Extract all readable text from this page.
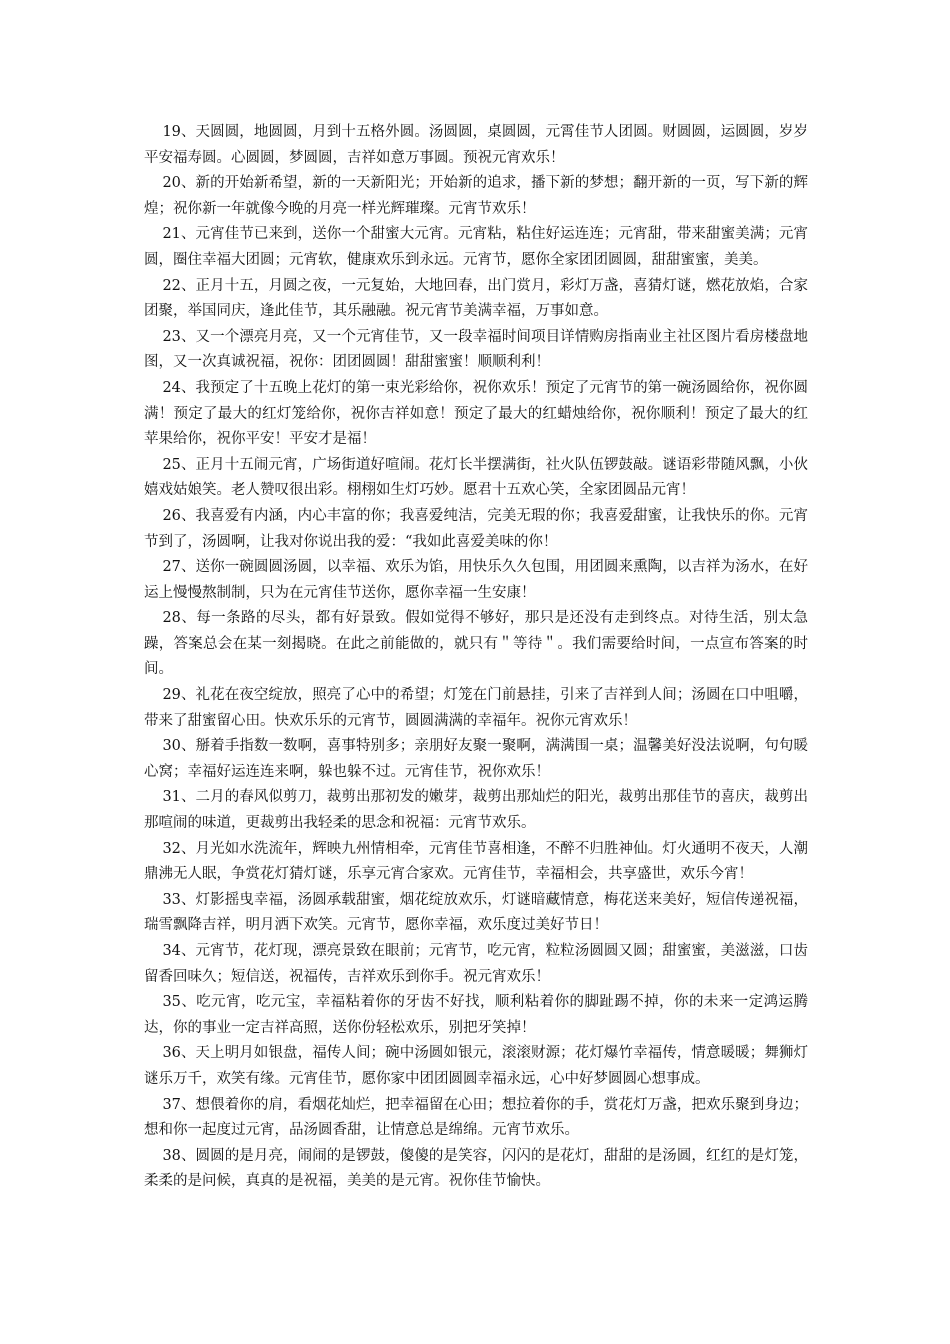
19、天圆圆，地圆圆，月到十五格外圆。汤圆圆，桌圆圆，元霄佳节人团圆。财圆圆，运圆圆，岁岁平安福寿圆。心圆圆，梦圆圆，吉祥如意万事圆。预祝元宵欢乐！

20、新的开始新希望，新的一天新阳光；开始新的追求，播下新的梦想；翻开新的一页，写下新的辉煌；祝你新一年就像今晚的月亮一样光辉璀璨。元宵节欢乐！

21、元宵佳节已来到，送你一个甜蜜大元宵。元宵粘，粘住好运连连；元宵甜，带来甜蜜美满；元宵圆，圈住幸福大团圆；元宵软，健康欢乐到永远。元宵节，愿你全家团团圆圆，甜甜蜜蜜，美美。

22、正月十五，月圆之夜，一元复始，大地回春，出门赏月，彩灯万盏，喜猜灯谜，燃花放焰，合家团聚，举国同庆，逢此佳节，其乐融融。祝元宵节美满幸福，万事如意。

23、又一个漂亮月亮，又一个元宵佳节，又一段幸福时间项目详情购房指南业主社区图片看房楼盘地图，又一次真诚祝福，祝你：团团圆圆！甜甜蜜蜜！顺顺利利！

24、我预定了十五晚上花灯的第一束光彩给你，祝你欢乐！预定了元宵节的第一碗汤圆给你，祝你圆满！预定了最大的红灯笼给你，祝你吉祥如意！预定了最大的红蜡烛给你，祝你顺利！预定了最大的红苹果给你，祝你平安！平安才是福！

25、正月十五闹元宵，广场街道好喧闹。花灯长半摆满街，社火队伍锣鼓敲。谜语彩带随风飘，小伙嬉戏姑娘笑。老人赞叹很出彩。栩栩如生灯巧妙。愿君十五欢心笑，全家团圆品元宵！

26、我喜爱有内涵，内心丰富的你；我喜爱纯洁，完美无瑕的你；我喜爱甜蜜，让我快乐的你。元宵节到了，汤圆啊，让我对你说出我的爱：“我如此喜爱美味的你！

27、送你一碗圆圆汤圆，以幸福、欢乐为馅，用快乐久久包围，用团圆来熏陶，以吉祥为汤水，在好运上慢慢熬制制，只为在元宵佳节送你，愿你幸福一生安康！

28、每一条路的尽头，都有好景致。假如觉得不够好，那只是还没有走到终点。对待生活，别太急躁，答案总会在某一刻揭晓。在此之前能做的，就只有＂等待＂。我们需要给时间，一点宣布答案的时间。

29、礼花在夜空绽放，照亮了心中的希望；灯笼在门前悬挂，引来了吉祥到人间；汤圆在口中咀嚼，带来了甜蜜留心田。快欢乐乐的元宵节，圆圆满满的幸福年。祝你元宵欢乐！

30、掰着手指数一数啊，喜事特别多；亲朋好友聚一聚啊，满满围一桌；温馨美好没法说啊，句句暖心窝；幸福好运连连来啊，躲也躲不过。元宵佳节，祝你欢乐！

31、二月的春风似剪刀，裁剪出那初发的嫩芽，裁剪出那灿烂的阳光，裁剪出那佳节的喜庆，裁剪出那喧闹的味道，更裁剪出我轻柔的思念和祝福：元宵节欢乐。

32、月光如水洗流年，辉映九州情相牵，元宵佳节喜相逢，不醉不归胜神仙。灯火通明不夜天，人潮鼎沸无人眠，争赏花灯猜灯谜，乐享元宵合家欢。元宵佳节，幸福相会，共享盛世，欢乐今宵！

33、灯影摇曳幸福，汤圆承载甜蜜，烟花绽放欢乐，灯谜暗藏情意，梅花送来美好，短信传递祝福，瑞雪飘降吉祥，明月洒下欢笑。元宵节，愿你幸福，欢乐度过美好节日！

34、元宵节，花灯现，漂亮景致在眼前；元宵节，吃元宵，粒粒汤圆圆又圆；甜蜜蜜，美滋滋，口齿留香回味久；短信送，祝福传，吉祥欢乐到你手。祝元宵欢乐！

35、吃元宵，吃元宝，幸福粘着你的牙齿不好找，顺利粘着你的脚趾踢不掉，你的未来一定鸿运腾达，你的事业一定吉祥高照，送你份轻松欢乐，别把牙笑掉！

36、天上明月如银盘，福传人间；碗中汤圆如银元，滚滚财源；花灯爆竹幸福传，情意暖暖；舞狮灯谜乐万千，欢笑有缘。元宵佳节，愿你家中团团圆圆幸福永远，心中好梦圆圆心想事成。

37、想偎着你的肩，看烟花灿烂，把幸福留在心田；想拉着你的手，赏花灯万盏，把欢乐聚到身边；想和你一起度过元宵，品汤圆香甜，让情意总是绵绵。元宵节欢乐。

38、圆圆的是月亮，闹闹的是锣鼓，傻傻的是笑容，闪闪的是花灯，甜甜的是汤圆，红红的是灯笼，柔柔的是问候，真真的是祝福，美美的是元宵。祝你佳节愉快。
